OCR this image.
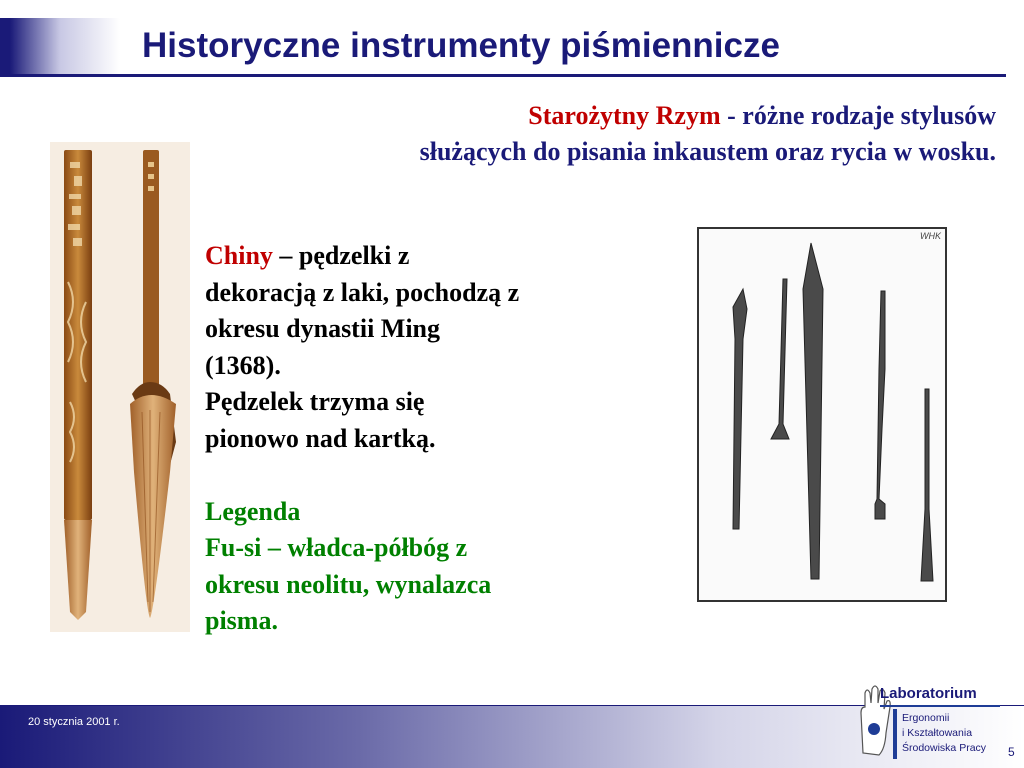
Historyczne instrumenty piśmiennicze
Starożytny Rzym - różne rodzaje stylusów
służących do pisania inkaustem oraz rycia w wosku.
Chiny – pędzelki z
dekoracją z laki, pochodzą z
okresu dynastii Ming
(1368).
Pędzelek trzyma się
pionowo nad kartką.

Legenda
Fu-si – władca-półbóg z
okresu neolitu, wynalazca
pisma.
WHK
20 stycznia 2001 r.
Laboratorium
Ergonomii
i Kształtowania
Środowiska Pracy 5
